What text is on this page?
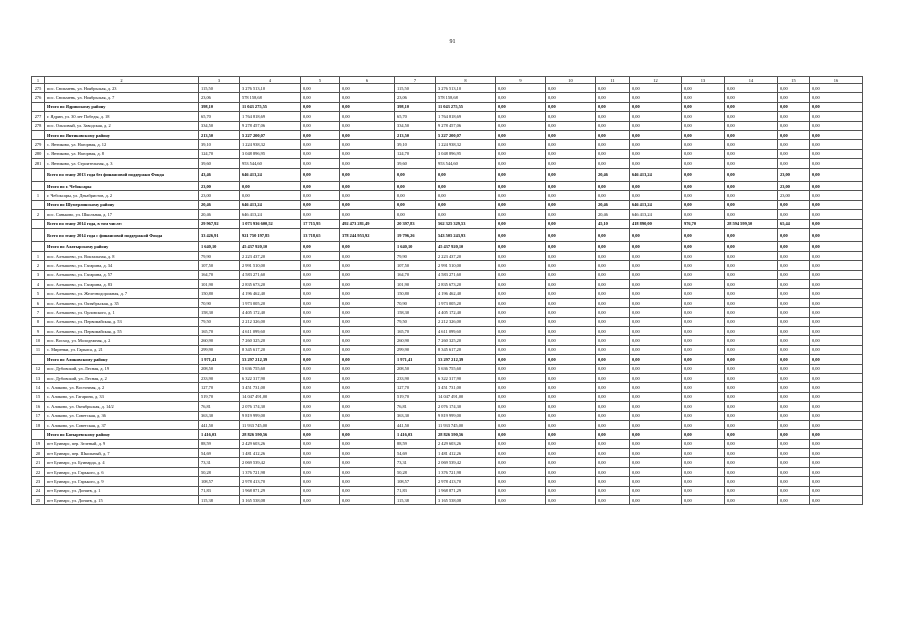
91
1	2	3	4	5	6	7	8	9	10	11	12	13	14	15	16
275	пос. Сюльмень, ул. Ноябрьская, д. 23	115,50	3 276 513,10	0,00	0,00	115,50	3 276 513,10	0,00	0,00	0,00	0,00	0,00	0,00	0,00	0,00
276	пос. Сюльмень, ул. Ноябрьская, д. 7	23,06	578 158,68	0,00	0,00	23,06	578 158,68	0,00	0,00	0,00	0,00	0,00	0,00	0,00	0,00
	Итого по Ядринскому району	398,10	11 043 275,55	0,00	0,00	398,10	11 043 275,55	0,00	0,00	0,00	0,00	0,00	0,00	0,00	0,00
277	г. Ядрин, ул. 30 лет Победы, д. 18	65,70	1 764 818,69	0,00	0,00	65,70	1 764 818,69	0,00	0,00	0,00	0,00	0,00	0,00	0,00	0,00
278	пос. Ольховый, ул. Заводская, д. 2	334,50	9 278 457,06	0,00	0,00	334,50	9 278 457,06	0,00	0,00	0,00	0,00	0,00	0,00	0,00	0,00
	Итого по Янтиковскому району	213,50	5 227 200,07	0,00	0,00	213,50	5 227 200,07	0,00	0,00	0,00	0,00	0,00	0,00	0,00	0,00
279	с. Янтиково, ул. Нагорная, д. 12	39,10	1 224 938,32	0,00	0,00	39,10	1 224 938,32	0,00	0,00	0,00	0,00	0,00	0,00	0,00	0,00
280	с. Янтиково, ул. Нагорная, д. 8	124,70	3 048 896,95	0,00	0,00	124,70	3 048 896,95	0,00	0,00	0,00	0,00	0,00	0,00	0,00	0,00
281	с. Янтиково, ул. Строительная, д. 3	39,60	953 544,60	0,00	0,00	39,60	953 544,60	0,00	0,00	0,00	0,00	0,00	0,00	0,00	0,00
	Всего по этапу 2013 года без финансовой поддержки Фонда	43,46	646 413,24	0,00	0,00	0,00	0,00	0,00	0,00	20,46	646 413,24	0,00	0,00	23,00	0,00
	Итого по г. Чебоксары	23,00	0,00	0,00	0,00	0,00	0,00	0,00	0,00	0,00	0,00	0,00	0,00	23,00	0,00
1	г. Чебоксары, ул. Декабристов, д. 2	23,00	0,00	0,00	0,00	0,00	0,00	0,00	0,00	0,00	0,00	0,00	0,00	23,00	0,00
	Итого по Шумерлинскому району	20,46	646 413,24	0,00	0,00	0,00	0,00	0,00	0,00	20,46	646 413,24	0,00	0,00	0,00	0,00
2	пос. Саньково, ул. Школьная, д. 17	20,46	646 413,24	0,00	0,00	0,00	0,00	0,00	0,00	20,46	646 413,24	0,00	0,00	0,00	0,00
	Всего по этапу 2014 года, в том числе:	29 967,92	1 073 936 600,52	17 715,95	492 473 281,49	20 397,83	562 325 329,53	0,00	0,00	45,10	418 890,00	976,70	28 594 599,50	65,44	0,00
	Всего по этапу 2014 года с финансовой поддержкой Фонда	33 426,91	921 750 197,85	13 718,65	378 244 953,92	19 796,26	543 505 243,93	0,00	0,00	0,00	0,00	0,00	0,00	0,00	0,00
	Итого по Алатырскому району	1 640,10	45 437 920,10	0,00	0,00	1 640,10	45 437 920,10	0,00	0,00	0,00	0,00	0,00	0,00	0,00	0,00
1	пос. Алтышево, ул. Вокзальная, д. 8	79,90	2 223 437,20	0,00	0,00	79,90	2 223 437,20	0,00	0,00	0,00	0,00	0,00	0,00	0,00	0,00
2	пос. Алтышево, ул. Гагарина, д. 34	107,50	2 991 510,00	0,00	0,00	107,50	2 991 510,00	0,00	0,00	0,00	0,00	0,00	0,00	0,00	0,00
3	пос. Алтышево, ул. Гагарина, д. 57	164,70	4 583 271,60	0,00	0,00	164,70	4 583 271,60	0,00	0,00	0,00	0,00	0,00	0,00	0,00	0,00
4	пос. Алтышево, ул. Гагарина, д. 83	101,90	2 835 673,20	0,00	0,00	101,90	2 835 673,20	0,00	0,00	0,00	0,00	0,00	0,00	0,00	0,00
5	пос. Алтышево, ул. Железнодорожная, д. 7	150,80	4 196 462,40	0,00	0,00	150,80	4 196 462,40	0,00	0,00	0,00	0,00	0,00	0,00	0,00	0,00
6	пос. Алтышево, ул. Октябрьская, д. 35	70,90	1 973 005,20	0,00	0,00	70,90	1 973 005,20	0,00	0,00	0,00	0,00	0,00	0,00	0,00	0,00
7	пос. Алтышево, ул. Орловского, д. 1	158,30	4 405 172,40	0,00	0,00	158,30	4 405 172,40	0,00	0,00	0,00	0,00	0,00	0,00	0,00	0,00
8	пос. Алтышево, ул. Первомайская, д. 53	79,50	2 212 326,00	0,00	0,00	79,50	2 212 326,00	0,00	0,00	0,00	0,00	0,00	0,00	0,00	0,00
9	пос. Алтышево, ул. Первомайская, д. 55	165,70	4 611 099,60	0,00	0,00	165,70	4 611 099,60	0,00	0,00	0,00	0,00	0,00	0,00	0,00	0,00
10	пос. Восход, ул. Молодежная, д. 2	260,90	7 260 325,20	0,00	0,00	260,90	7 260 325,20	0,00	0,00	0,00	0,00	0,00	0,00	0,00	0,00
11	с. Миренки, ул. Гарьиса, д. 21	299,90	8 345 617,20	0,00	0,00	299,90	8 345 617,20	0,00	0,00	0,00	0,00	0,00	0,00	0,00	0,00
	Итого по Аликовскому району	1 971,41	53 297 212,39	0,00	0,00	1 971,41	53 297 212,39	0,00	0,00	0,00	0,00	0,00	0,00	0,00	0,00
12	пос. Дубовский, ул. Лесная, д. 19	208,50	5 636 755,60	0,00	0,00	208,50	5 636 755,60	0,00	0,00	0,00	0,00	0,00	0,00	0,00	0,00
13	пос. Дубовский, ул. Лесная, д. 2	233,90	6 322 317,90	0,00	0,00	233,90	6 322 317,90	0,00	0,00	0,00	0,00	0,00	0,00	0,00	0,00
14	с. Аликово, ул. Восточная, д. 2	127,70	3 451 731,00	0,00	0,00	127,70	3 451 731,00	0,00	0,00	0,00	0,00	0,00	0,00	0,00	0,00
15	с. Аликово, ул. Гагарина, д. 33	519,70	14 047 491,00	0,00	0,00	519,70	14 047 491,00	0,00	0,00	0,00	0,00	0,00	0,00	0,00	0,00
16	с. Аликово, ул. Октябрьская, д. 14/2	76,81	2 076 174,30	0,00	0,00	76,81	2 076 174,30	0,00	0,00	0,00	0,00	0,00	0,00	0,00	0,00
17	с. Аликово, ул. Советская, д. 36	363,30	9 819 999,00	0,00	0,00	363,30	9 819 999,00	0,00	0,00	0,00	0,00	0,00	0,00	0,00	0,00
18	с. Аликово, ул. Советская, д. 37	441,50	11 933 745,00	0,00	0,00	441,50	11 933 745,00	0,00	0,00	0,00	0,00	0,00	0,00	0,00	0,00
	Итого по Батыревскому району	1 416,03	28 826 590,56	0,00	0,00	1 416,03	28 826 590,56	0,00	0,00	0,00	0,00	0,00	0,00	0,00	0,00
19	пгт Буинарс, пер. Зеленый, д. 9	88,59	2 429 603,26	0,00	0,00	88,59	2 429 603,26	0,00	0,00	0,00	0,00	0,00	0,00	0,00	0,00
20	пгт Буинарс, пер. Школьный, д. 7	54,69	1 481 412,26	0,00	0,00	54,69	1 481 412,26	0,00	0,00	0,00	0,00	0,00	0,00	0,00	0,00
21	пгт Буинарс, ул. Буинарда, д. 4	73,31	2 069 539,42	0,00	0,00	73,31	2 069 539,42	0,00	0,00	0,00	0,00	0,00	0,00	0,00	0,00
22	пгт Буинарс, ул. Гарького, д. 6	50,28	1 376 721,98	0,00	0,00	50,28	1 376 721,98	0,00	0,00	0,00	0,00	0,00	0,00	0,00	0,00
23	пгт Буинарс, ул. Гарького, д. 9	108,57	2 978 413,70	0,00	0,00	108,57	2 978 413,70	0,00	0,00	0,00	0,00	0,00	0,00	0,00	0,00
24	пгт Буинарс, ул. Донаев, д. 1	71,83	1 968 871,29	0,00	0,00	71,83	1 968 871,29	0,00	0,00	0,00	0,00	0,00	0,00	0,00	0,00
25	пгт Буинарс, ул. Донаев, д. 15	115,38	3 165 538,08	0,00	0,00	115,38	3 165 538,08	0,00	0,00	0,00	0,00	0,00	0,00	0,00	0,00
